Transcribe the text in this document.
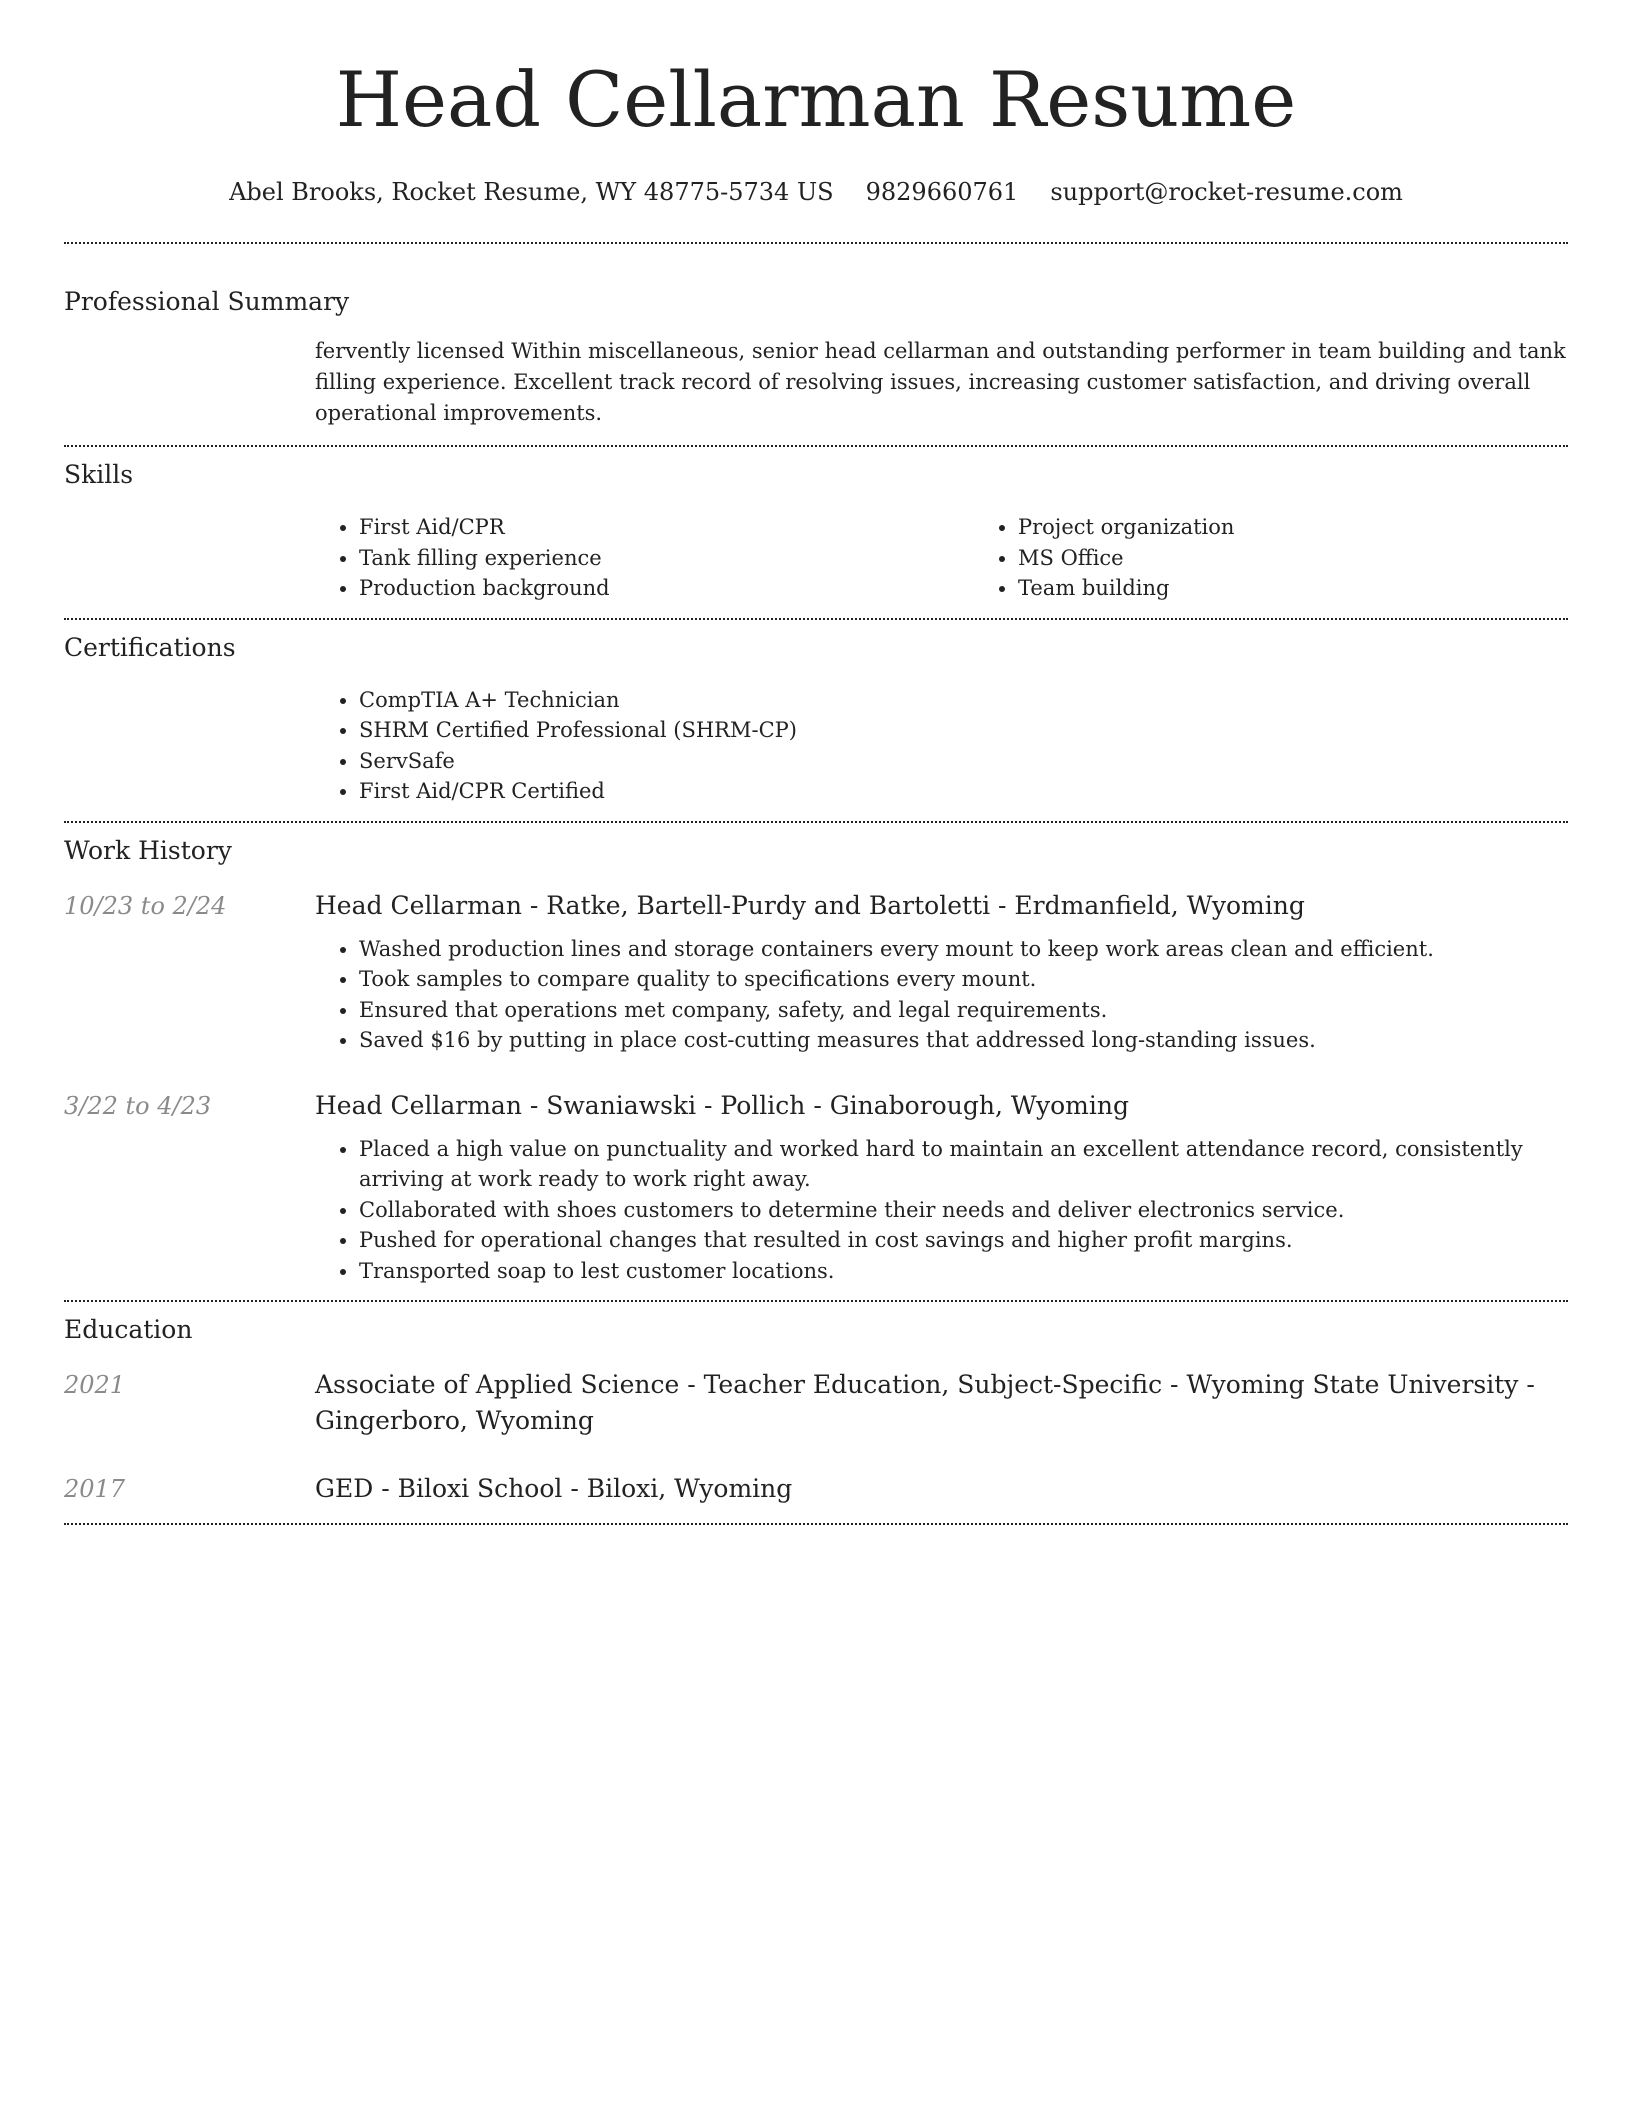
Head Cellarman Resume
Abel Brooks, Rocket Resume, WY 48775-5734 US 9829660761 support@rocket-resume.com
Professional Summary
fervently licensed Within miscellaneous, senior head cellarman and outstanding performer in team building and tank filling experience. Excellent track record of resolving issues, increasing customer satisfaction, and driving overall operational improvements.
Skills
• First Aid/CPR
• Tank filling experience
• Production background
• Project organization
• MS Office
• Team building
Certifications
• CompTIA A+ Technician
• SHRM Certified Professional (SHRM-CP)
• ServSafe
• First Aid/CPR Certified
Work History
10/23 to 2/24	Head Cellarman - Ratke, Bartell-Purdy and Bartoletti - Erdmanfield, Wyoming
• Washed production lines and storage containers every mount to keep work areas clean and efficient.
• Took samples to compare quality to specifications every mount.
• Ensured that operations met company, safety, and legal requirements.
• Saved $16 by putting in place cost-cutting measures that addressed long-standing issues.
3/22 to 4/23	Head Cellarman - Swaniawski - Pollich - Ginaborough, Wyoming
• Placed a high value on punctuality and worked hard to maintain an excellent attendance record, consistently arriving at work ready to work right away.
• Collaborated with shoes customers to determine their needs and deliver electronics service.
• Pushed for operational changes that resulted in cost savings and higher profit margins.
• Transported soap to lest customer locations.
Education
2021	Associate of Applied Science - Teacher Education, Subject-Specific - Wyoming State University - Gingerboro, Wyoming
2017	GED - Biloxi School - Biloxi, Wyoming
